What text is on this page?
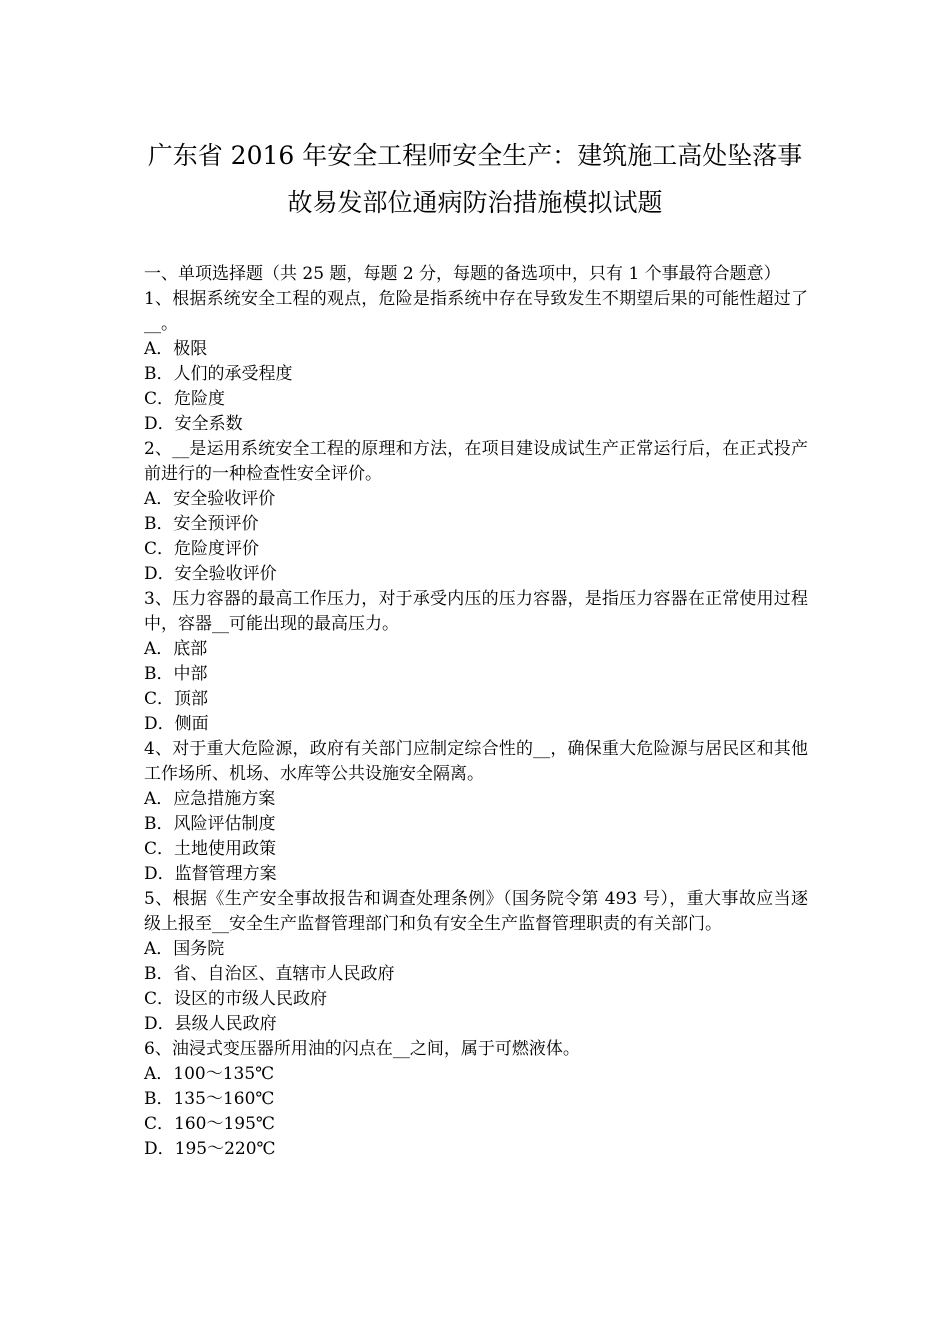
广东省 2016 年安全工程师安全生产：建筑施工高处坠落事
故易发部位通病防治措施模拟试题

一、单项选择题（共 25 题，每题 2 分，每题的备选项中，只有 1 个事最符合题意）

1、根据系统安全工程的观点，危险是指系统中存在导致发生不期望后果的可能性超过了__。

A．极限

B．人们的承受程度

C．危险度

D．安全系数

2、__是运用系统安全工程的原理和方法，在项目建设成试生产正常运行后，在正式投产前进行的一种检查性安全评价。

A．安全验收评价

B．安全预评价

C．危险度评价

D．安全验收评价

3、压力容器的最高工作压力，对于承受内压的压力容器，是指压力容器在正常使用过程中，容器__可能出现的最高压力。

A．底部

B．中部

C．顶部

D．侧面

4、对于重大危险源，政府有关部门应制定综合性的__，确保重大危险源与居民区和其他工作场所、机场、水库等公共设施安全隔离。

A．应急措施方案

B．风险评估制度

C．土地使用政策

D．监督管理方案

5、根据《生产安全事故报告和调查处理条例》（国务院令第 493 号），重大事故应当逐级上报至__安全生产监督管理部门和负有安全生产监督管理职责的有关部门。

A．国务院

B．省、自治区、直辖市人民政府

C．设区的市级人民政府

D．县级人民政府

6、油浸式变压器所用油的闪点在__之间，属于可燃液体。

A．100～135℃

B．135～160℃

C．160～195℃

D．195～220℃
